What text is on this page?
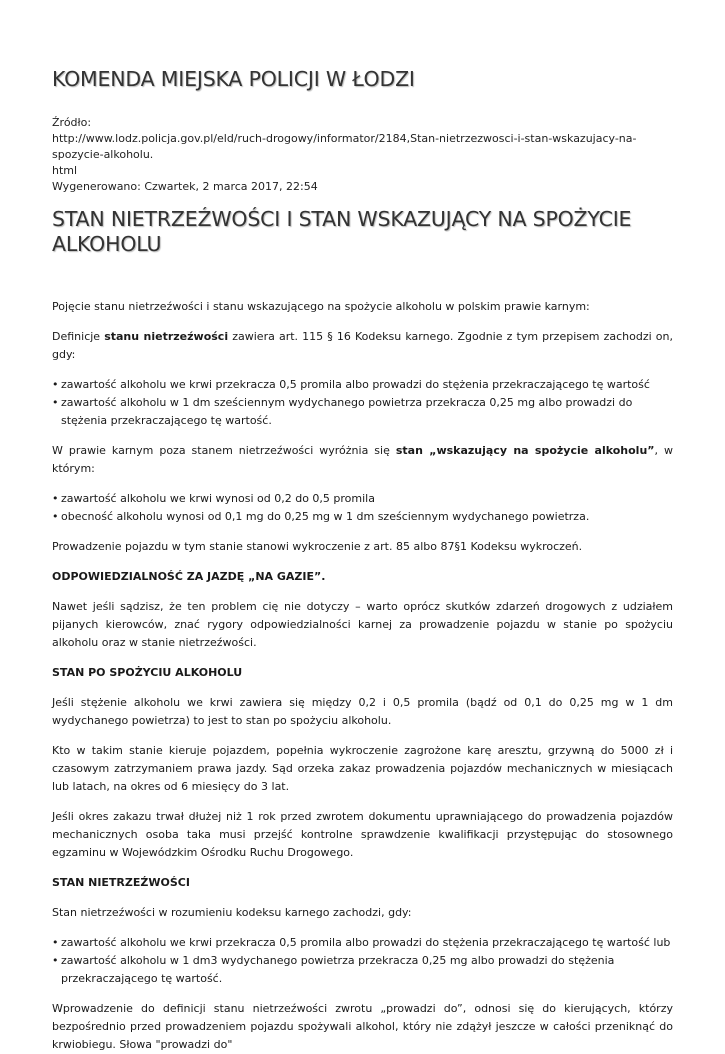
KOMENDA MIEJSKA POLICJI W ŁODZI
Źródło:
http://www.lodz.policja.gov.pl/eld/ruch-drogowy/informator/2184,Stan-nietrzezwosci-i-stan-wskazujacy-na-spozycie-alkoholu.
html
Wygenerowano: Czwartek, 2 marca 2017, 22:54
STAN NIETRZEŹWOŚCI I STAN WSKAZUJĄCY NA SPOŻYCIE ALKOHOLU

Pojęcie stanu nietrzeźwości i stanu wskazującego na spożycie alkoholu w polskim prawie karnym:

Definicje stanu nietrzeźwości zawiera art. 115 § 16 Kodeksu karnego. Zgodnie z tym przepisem zachodzi on, gdy:

• zawartość alkoholu we krwi przekracza 0,5 promila albo prowadzi do stężenia przekraczającego tę wartość
• zawartość alkoholu w 1 dm sześciennym wydychanego powietrza przekracza 0,25 mg albo prowadzi do stężenia przekraczającego tę wartość.

W prawie karnym poza stanem nietrzeźwości wyróżnia się stan „wskazujący na spożycie alkoholu”, w którym:

• zawartość alkoholu we krwi wynosi od 0,2 do 0,5 promila
• obecność alkoholu wynosi od 0,1 mg do 0,25 mg w 1 dm sześciennym wydychanego powietrza.

Prowadzenie pojazdu w tym stanie stanowi wykroczenie z art. 85 albo 87§1 Kodeksu wykroczeń.

ODPOWIEDZIALNOŚĆ ZA JAZDĘ „NA GAZIE”.

Nawet jeśli sądzisz, że ten problem cię nie dotyczy – warto oprócz skutków zdarzeń drogowych z udziałem pijanych kierowców, znać rygory odpowiedzialności karnej za prowadzenie pojazdu w stanie po spożyciu alkoholu oraz w stanie nietrzeźwości.

STAN PO SPOŻYCIU ALKOHOLU

Jeśli stężenie alkoholu we krwi zawiera się między 0,2 i 0,5 promila (bądź od 0,1 do 0,25 mg w 1 dm wydychanego powietrza) to jest to stan po spożyciu alkoholu.

Kto w takim stanie kieruje pojazdem, popełnia wykroczenie zagrożone karę aresztu, grzywną do 5000 zł i czasowym zatrzymaniem prawa jazdy. Sąd orzeka zakaz prowadzenia pojazdów mechanicznych w miesiącach lub latach, na okres od 6 miesięcy do 3 lat.

Jeśli okres zakazu trwał dłużej niż 1 rok przed zwrotem dokumentu uprawniającego do prowadzenia pojazdów mechanicznych osoba taka musi przejść kontrolne sprawdzenie kwalifikacji przystępując do stosownego egzaminu w Wojewódzkim Ośrodku Ruchu Drogowego.

STAN NIETRZEŹWOŚCI

Stan nietrzeźwości w rozumieniu kodeksu karnego zachodzi, gdy:

• zawartość alkoholu we krwi przekracza 0,5 promila albo prowadzi do stężenia przekraczającego tę wartość lub
• zawartość alkoholu w 1 dm3 wydychanego powietrza przekracza 0,25 mg albo prowadzi do stężenia przekraczającego tę wartość.

Wprowadzenie do definicji stanu nietrzeźwości zwrotu „prowadzi do”, odnosi się do kierujących, którzy bezpośrednio przed prowadzeniem pojazdu spożywali alkohol, który nie zdążył jeszcze w całości przeniknąć do krwiobiegu. Słowa "prowadzi do"
